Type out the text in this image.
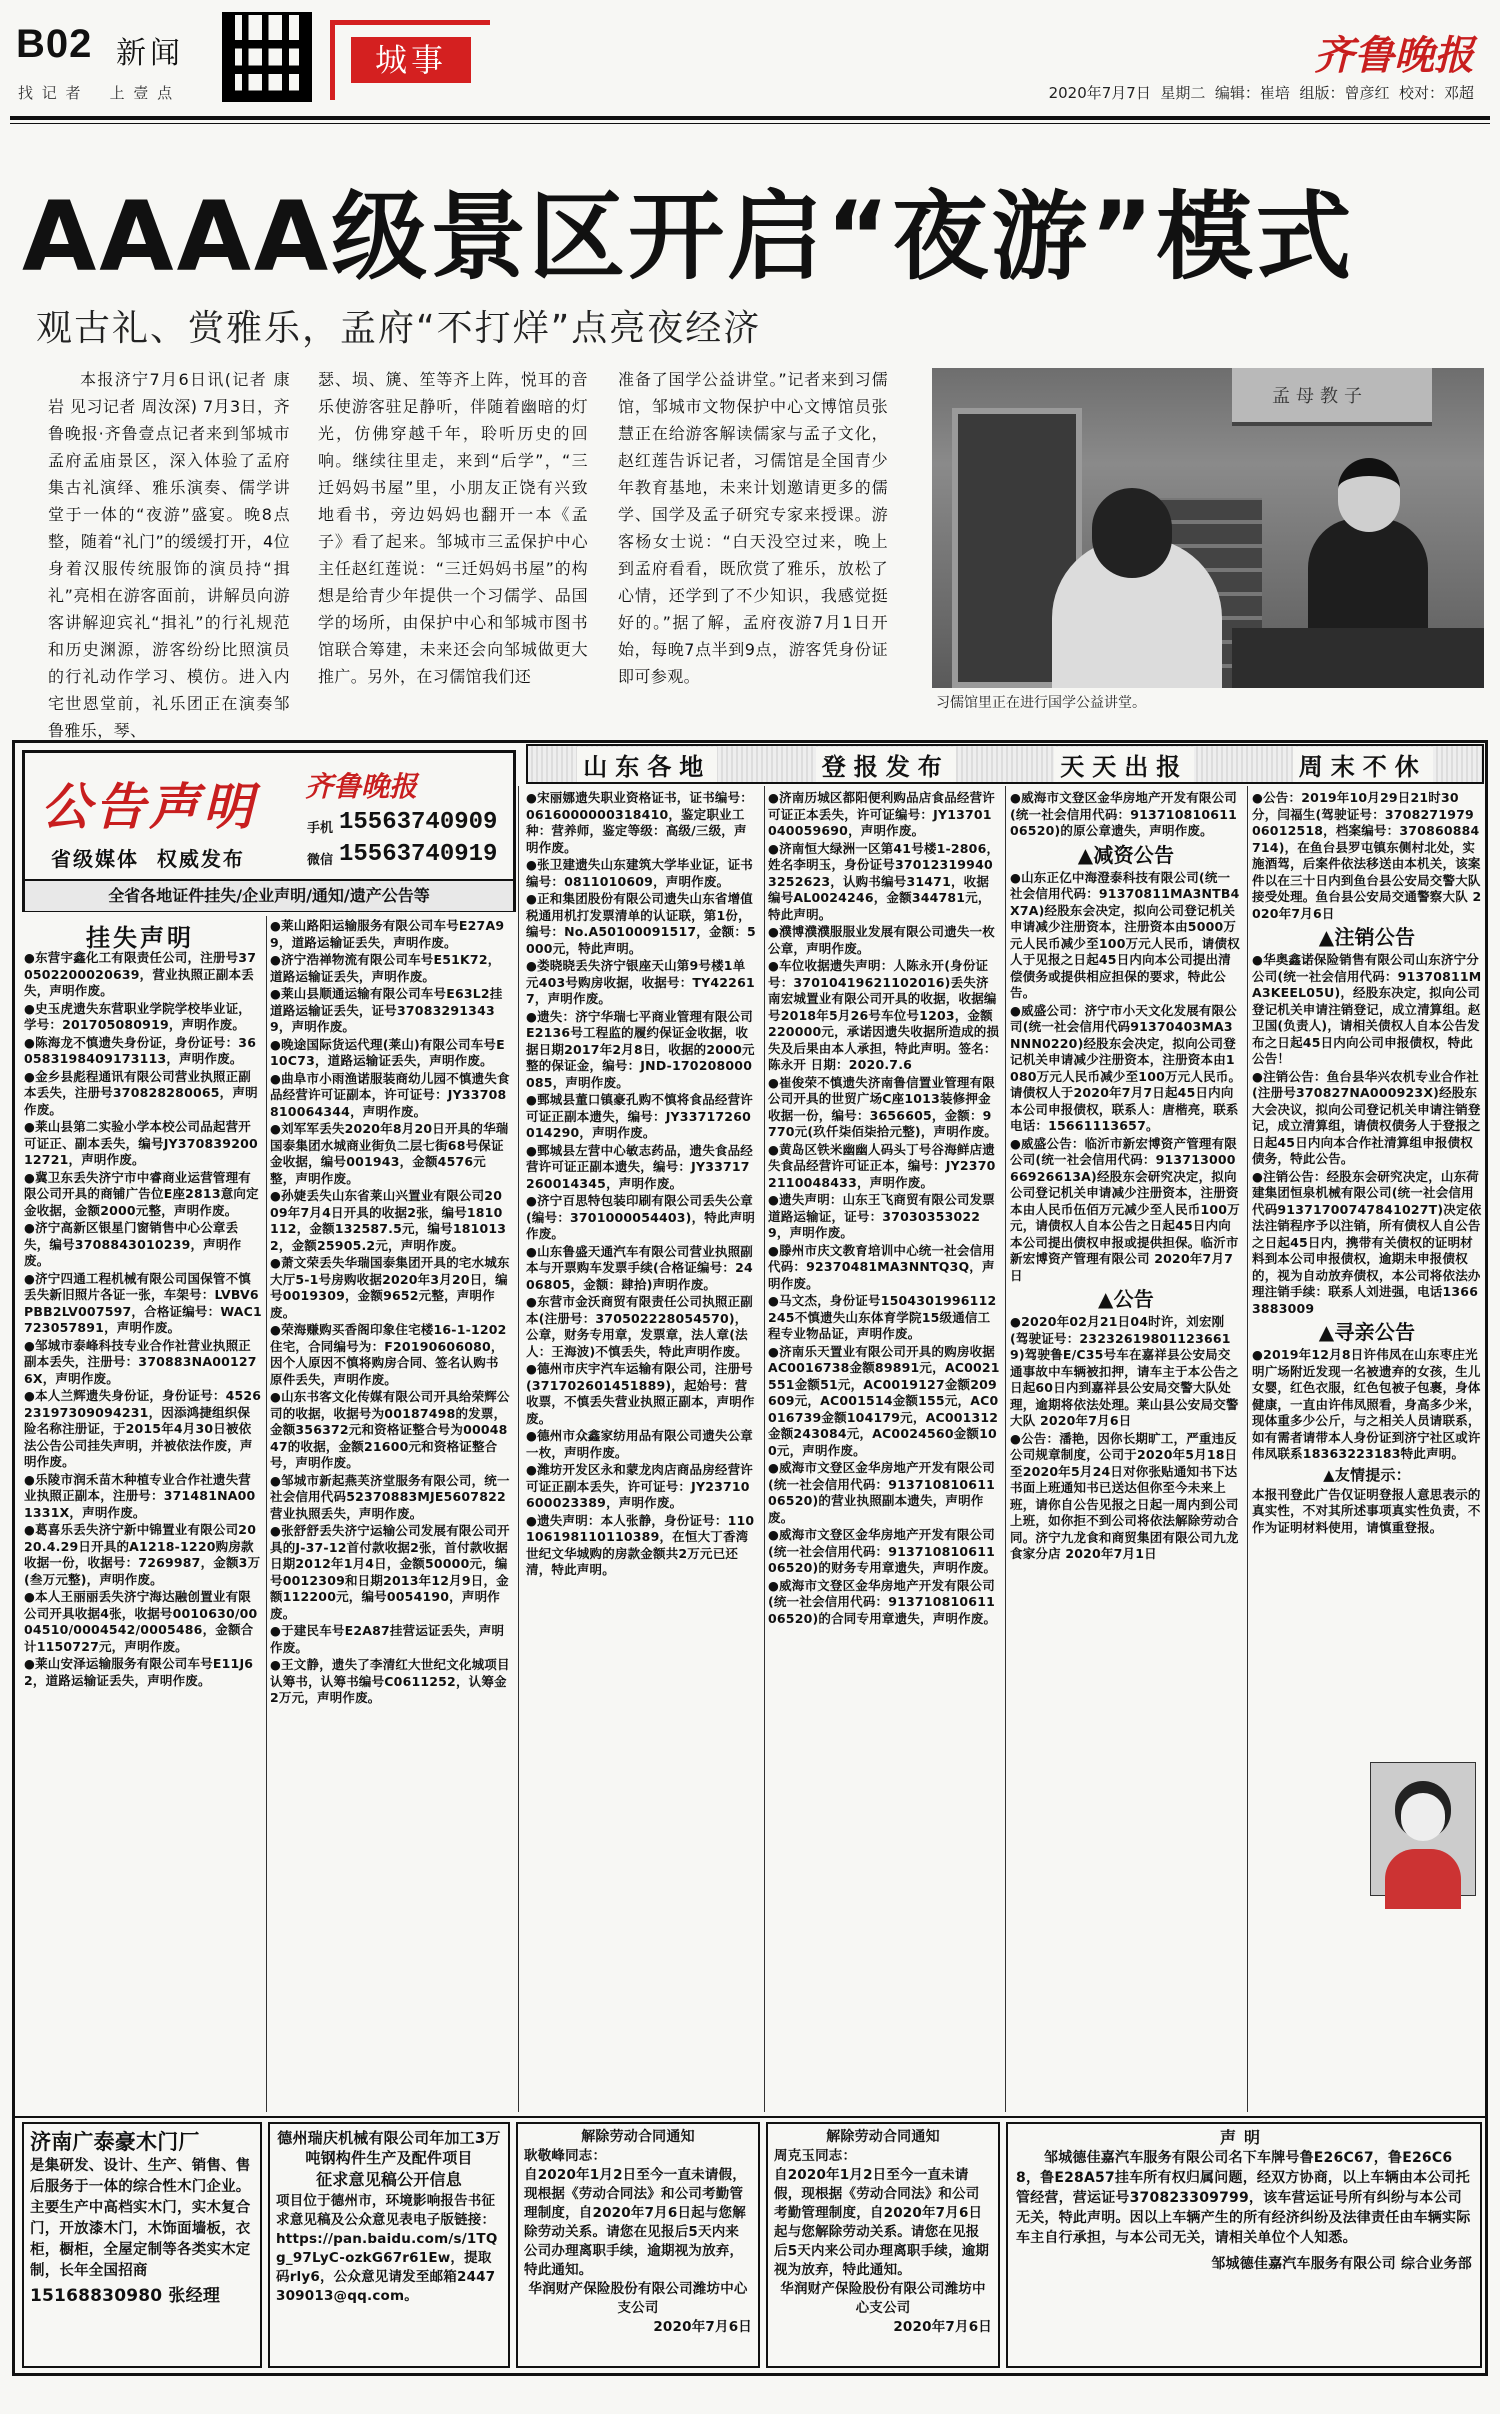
B02 新闻
找 记 者    上 壹 点
城事	齐鲁晚报
2020年7月7日  星期二  编辑：崔培  组版：曾彦红  校对：邓超
AAAA级景区开启“夜游”模式
观古礼、赏雅乐，孟府“不打烊”点亮夜经济
本报济宁7月6日讯(记者 康岩 见习记者 周汝深) 7月3日，齐鲁晚报·齐鲁壹点记者来到邹城市孟府孟庙景区，深入体验了孟府集古礼演绎、雅乐演奏、儒学讲堂于一体的“夜游”盛宴。晚8点整，随着“礼门”的缓缓打开，4位身着汉服传统服饰的演员持“揖礼”亮相在游客面前，讲解员向游客讲解迎宾礼“揖礼”的行礼规范和历史渊源，游客纷纷比照演员的行礼动作学习、模仿。进入内宅世恩堂前，礼乐团正在演奏邹鲁雅乐，琴、
瑟、埙、篪、笙等齐上阵，悦耳的音乐使游客驻足静听，伴随着幽暗的灯光，仿佛穿越千年，聆听历史的回响。继续往里走，来到“后学”，“三迁妈妈书屋”里，小朋友正饶有兴致地看书，旁边妈妈也翻开一本《孟子》看了起来。邹城市三孟保护中心主任赵红莲说：“三迁妈妈书屋”的构想是给青少年提供一个习儒学、品国学的场所，由保护中心和邹城市图书馆联合筹建，未来还会向邹城做更大推广。另外，在习儒馆我们还
准备了国学公益讲堂。”记者来到习儒馆，邹城市文物保护中心文博馆员张慧正在给游客解读儒家与孟子文化，赵红莲告诉记者，习儒馆是全国青少年教育基地，未来计划邀请更多的儒学、国学及孟子研究专家来授课。游客杨女士说：“白天没空过来，晚上到孟府看看，既欣赏了雅乐，放松了心情，还学到了不少知识，我感觉挺好的。”据了解，孟府夜游7月1日开始，每晚7点半到9点，游客凭身份证即可参观。
孟母教子
习儒馆里正在进行国学公益讲堂。
山东各地	登报发布	天天出报	周末不休
公告声明 齐鲁晚报
手机 15563740909
微信 15563740919
省级媒体  权威发布
全省各地证件挂失/企业声明/通知/遗产公告等
挂失声明

●东营宇鑫化工有限责任公司，注册号370502200020639，营业执照正副本丢失，声明作废。

●史玉虎遗失东营职业学院学校毕业证，学号：201705080919，声明作废。

●陈海龙不慎遗失身份证，身份证号：360583198409173113，声明作废。

●金乡县彪程通讯有限公司营业执照正副本丢失，注册号370828280065，声明作废。

●莱山县第二实验小学本校公司品起营开可证正、副本丢失，编号JY37083920012721，声明作废。

●冀卫东丢失济宁市中睿商业运营管理有限公司开具的商铺广告位E座2813意向定金收据，金额2000元整，声明作废。

●济宁高新区银星门窗销售中心公章丢失，编号3708843010239，声明作废。

●济宁四通工程机械有限公司国保管不慎丢失新旧照片各证一张，车架号：LVBV6PBB2LV007597，合格证编号：WAC1723057891，声明作废。

●邹城市泰峰科技专业合作社营业执照正副本丢失，注册号：370883NA001276X，声明作废。

●本人兰辉遗失身份证，身份证号：452623197309094231，因添鸿捷组织保险名称注册证，于2015年4月30日被依法公告公司挂失声明，并被依法作废，声明作废。

●乐陵市润禾苗木种植专业合作社遗失营业执照正副本，注册号：371481NA001331X，声明作废。

●葛喜乐丢失济宁新中锦置业有限公司2020.4.29日开具的A1218-1220购房款收据一份，收据号：7269987，金额3万(叁万元整)，声明作废。

●本人王丽丽丢失济宁海达融创置业有限公司开具收据4张，收据号0010630/0004510/0004542/0005486，金额合计1150727元，声明作废。

●莱山安泽运输服务有限公司车号E11J62，道路运输证丢失，声明作废。

●莱山路阳运输服务有限公司车号E27A99，道路运输证丢失，声明作废。

●济宁浩禅物流有限公司车号E51K72，道路运输证丢失，声明作废。

●莱山县顺通运输有限公司车号E63L2挂道路运输证丢失，证号370832913439，声明作废。

●晚途国际货运代理(莱山)有限公司车号E10C73，道路运输证丢失，声明作废。

●曲阜市小雨渔诺服装商幼儿园不慎遗失食品经营许可证副本，许可证号：JY33708810064344，声明作废。

●刘军军丢失2020年8月20日开具的华瑞国泰集团水城商业街负二层七街68号保证金收据，编号001943，金额4576元整，声明作废。

●孙婕丢失山东省莱山兴置业有限公司2009年7月4日开具的收据2张，编号1810112，金额132587.5元，编号1810132，金额25905.2元，声明作废。

●萧文荣丢失华瑞国泰集团开具的宅水城东大厅5-1号房购收据2020年3月20日，编号0019309，金额9652元整，声明作废。

●荣海赚购买香阁印象住宅楼16-1-1202住宅，合同编号为：F20190606080，因个人原因不慎将购房合同、签名认购书原件丢失，声明作废。

●山东书客文化传媒有限公司开具给荣辉公司的收据，收据号为00187498的发票，金额356372元和资格证整合号为0004847的收据，金额21600元和资格证整合号，声明作废。

●邹城市新起燕芙济堂服务有限公司，统一社会信用代码52370883MJE5607822营业执照丢失，声明作废。

●张舒舒丢失济宁运输公司发展有限公司开具的J-37-12首付款收据2张，首付款收据日期2012年1月4日，金额50000元，编号0012309和日期2013年12月9日，金额112200元，编号0054190，声明作废。

●于建民车号E2A87挂营运证丢失，声明作废。

●王文静，遗失了李清红大世纪文化城项目认筹书，认筹书编号C0611252，认筹金2万元，声明作废。

●宋丽娜遗失职业资格证书，证书编号：0616000000318410，鉴定职业工种：营养师，鉴定等级：高级/三级，声明作废。

●张卫建遗失山东建筑大学毕业证，证书编号：0811010609，声明作废。

●正和集团股份有限公司遗失山东省增值税通用机打发票清单的认证联，第1份，编号：No.A50100091517，金额：5000元，特此声明。

●娄晓晓丢失济宁银座天山第9号楼1单元403号购房收据，收据号：TY422617，声明作废。

●遗失：济宁华瑞七平商业管理有限公司E2136号工程监的履约保证金收据，收据日期2017年2月8日，收据的2000元整的保证金，编号：JND-170208000085，声明作废。

●鄄城县董口镇豪孔购不慎将食品经营许可证正副本遗失，编号：JY33717260014290，声明作废。

●鄄城县左营中心敏志药品，遗失食品经营许可证正副本遗失，编号：JY33717260014345，声明作废。

●济宁百思特包装印刷有限公司丢失公章(编号：3701000054403)，特此声明作废。

●山东鲁盛天通汽车有限公司营业执照副本与开票购车发票手续(合格证编号：2406805，金额：肆拾)声明作废。

●东营市金沃商贸有限责任公司执照正副本(注册号：370502228054570)，公章，财务专用章，发票章，法人章(法人：王海波)不慎丢失，特此声明作废。

●德州市庆宇汽车运输有限公司，注册号(371702601451889)，起始号：营收票，不慎丢失营业执照正副本，声明作废。

●德州市众鑫家纺用品有限公司遗失公章一枚，声明作废。

●潍坊开发区永和蒙龙肉店商品房经营许可证正副本丢失，许可证号：JY23710600023389，声明作废。

●遗失声明：本人张静，身份证号：110106198110110389，在恒大丁香湾世纪文华城购的房款金额共2万元已还清，特此声明。

●济南历城区都阳便利购品店食品经营许可证正本丢失，许可证编号：JY13701040059690，声明作废。

●济南恒大绿洲一区第41号楼1-2806，姓名李明玉，身份证号370123199403252623，认购书编号31471，收据编号AL0024246，金额344781元，特此声明。

●濮博濮濮服服业发展有限公司遗失一枚公章，声明作废。

●车位收据遗失声明：人陈永开(身份证号：37010419621102016)丢失济南宏城置业有限公司开具的收据，收据编号2018年5月26号车位号1203，金额220000元，承诺因遗失收据所造成的损失及后果由本人承担，特此声明。签名：陈永开 日期：2020.7.6

●崔俊荣不慎遗失济南鲁信置业管理有限公司开具的世贸广场C座1013装修押金收据一份，编号：3656605，金额：9770元(玖仟柒佰柒拾元整)，声明作废。

●黄岛区铁米幽幽人码头丁号谷海鲜店遗失食品经营许可证正本，编号：JY23702110048433，声明作废。

●遗失声明：山东王飞商贸有限公司发票道路运输证，证号：370303530229，声明作废。

●滕州市庆文教育培训中心统一社会信用代码：92370481MA3NNTQ3Q，声明作废。

●马文杰，身份证号1504301996112245不慎遗失山东体育学院15级通信工程专业物品证，声明作废。

●济南乐天置业有限公司开具的购房收据AC0016738金额89891元，AC0021551金额51元，AC0019127金额209609元，AC001514金额155元，AC0016739金额104179元，AC001312金额243084元，AC0024560金额100元，声明作废。

●威海市文登区金华房地产开发有限公司(统一社会信用代码：91371081061106520)的营业执照副本遗失，声明作废。

●威海市文登区金华房地产开发有限公司(统一社会信用代码：91371081061106520)的财务专用章遗失，声明作废。

●威海市文登区金华房地产开发有限公司(统一社会信用代码：91371081061106520)的合同专用章遗失，声明作废。

●威海市文登区金华房地产开发有限公司(统一社会信用代码：91371081061106520)的原公章遗失，声明作废。

▲减资公告

●山东正亿中海澄泰科技有限公司(统一社会信用代码：91370811MA3NTB4X7A)经股东会决定，拟向公司登记机关申请减少注册资本，注册资本由5000万元人民币减少至100万元人民币，请债权人于见报之日起45日内向本公司提出清偿债务或提供相应担保的要求，特此公告。

●威盛公司：济宁市小天文化发展有限公司(统一社会信用代码91370403MA3NNN0220)经股东会决定，拟向公司登记机关申请减少注册资本，注册资本由1080万元人民币减少至100万元人民币。请债权人于2020年7月7日起45日内向本公司申报债权，联系人：唐楷亮，联系电话：15661113657。

●威盛公告：临沂市新宏博资产管理有限公司(统一社会信用代码：91371300066926613A)经股东会研究决定，拟向公司登记机关申请减少注册资本，注册资本由人民币伍佰万元减少至人民币100万元，请债权人自本公告之日起45日内向本公司提出债权申报或提供担保。临沂市新宏博资产管理有限公司 2020年7月7日

▲公告

●2020年02月21日04时许，刘宏刚(驾驶证号：232326198011236619)驾驶鲁E/C35号车在嘉祥县公安局交通事故中车辆被扣押，请车主于本公告之日起60日内到嘉祥县公安局交警大队处理，逾期将依法处理。莱山县公安局交警大队 2020年7月6日

●公告：潘艳，因你长期旷工，严重违反公司规章制度，公司于2020年5月18日至2020年5月24日对你张贴通知书下达书面上班通知书已送达但你至今未来上班，请你自公告见报之日起一周内到公司上班，如你拒不到公司将依法解除劳动合同。济宁九龙食和商贸集团有限公司九龙食家分店 2020年7月1日

●公告：2019年10月29日21时30分，闫福生(驾驶证号：370827197906012518，档案编号：370860884714)，在鱼台县罗屯镇东侧村北处，实施酒驾，后案件依法移送由本机关，该案件以在三十日内到鱼台县公安局交警大队接受处理。鱼台县公安局交通警察大队 2020年7月6日

▲注销公告

●华奥鑫诺保险销售有限公司山东济宁分公司(统一社会信用代码：91370811MA3KEEL05U)，经股东决定，拟向公司登记机关申请注销登记，成立清算组。赵卫国(负责人)，请相关债权人自本公告发布之日起45日内向公司申报债权，特此公告！

●注销公告：鱼台县华兴农机专业合作社(注册号370827NA000923X)经股东大会决议，拟向公司登记机关申请注销登记，成立清算组，请债权债务人于登报之日起45日内向本合作社清算组申报债权债务，特此公告。

●注销公告：经股东会研究决定，山东荷建集团恒泉机械有限公司(统一社会信用代码91371700747841027T)决定依法注销程序予以注销，所有债权人自公告之日起45日内，携带有关债权的证明材料到本公司申报债权，逾期未申报债权的，视为自动放弃债权，本公司将依法办理注销手续：联系人刘进强，电话13663883009

▲寻亲公告

●2019年12月8日许伟凤在山东枣庄光明广场附近发现一名被遗弃的女孩，生儿女婴，红色衣服，红色包被子包裹，身体健康，一直由许伟凤照看，身高多少米，现体重多少公斤，与之相关人员请联系，如有需者请带本人身份证到济宁社区或许伟凤联系18363223183特此声明。

▲友情提示：

本报刊登此广告仅证明登报人意思表示的真实性，不对其所述事项真实性负责，不作为证明材料使用，请慎重登报。

济南广泰豪木门厂
是集研发、设计、生产、销售、售后服务于一体的综合性木门企业。主要生产中高档实木门，实木复合门，开放漆木门，木饰面墙板，衣柜，橱柜，全屋定制等各类实木定制，长年全国招商
15168830980 张经理
德州瑞庆机械有限公司年加工3万吨钢构件生产及配件项目
征求意见稿公开信息
项目位于德州市，环境影响报告书征求意见稿及公众意见表电子版链接：https://pan.baidu.com/s/1TQg_97LyC-ozkG67r61Ew，提取码rly6，公众意见请发至邮箱2447309013@qq.com。
解除劳动合同通知
耿敬峰同志：
自2020年1月2日至今一直未请假，现根据《劳动合同法》和公司考勤管理制度，自2020年7月6日起与您解除劳动关系。请您在见报后5天内来公司办理离职手续，逾期视为放弃，特此通知。
华润财产保险股份有限公司潍坊中心支公司
2020年7月6日
解除劳动合同通知
周克玉同志：
自2020年1月2日至今一直未请假，现根据《劳动合同法》和公司考勤管理制度，自2020年7月6日起与您解除劳动关系。请您在见报后5天内来公司办理离职手续，逾期视为放弃，特此通知。
华润财产保险股份有限公司潍坊中心支公司
2020年7月6日
声明
邹城德佳嘉汽车服务有限公司名下车牌号鲁E26C67，鲁E26C68，鲁E28A57挂车所有权归属问题，经双方协商，以上车辆由本公司托管经营，营运证号370823309799，该车营运证号所有纠纷与本公司无关，特此声明。因以上车辆产生的所有经济纠纷及法律责任由车辆实际车主自行承担，与本公司无关，请相关单位个人知悉。
邹城德佳嘉汽车服务有限公司 综合业务部
